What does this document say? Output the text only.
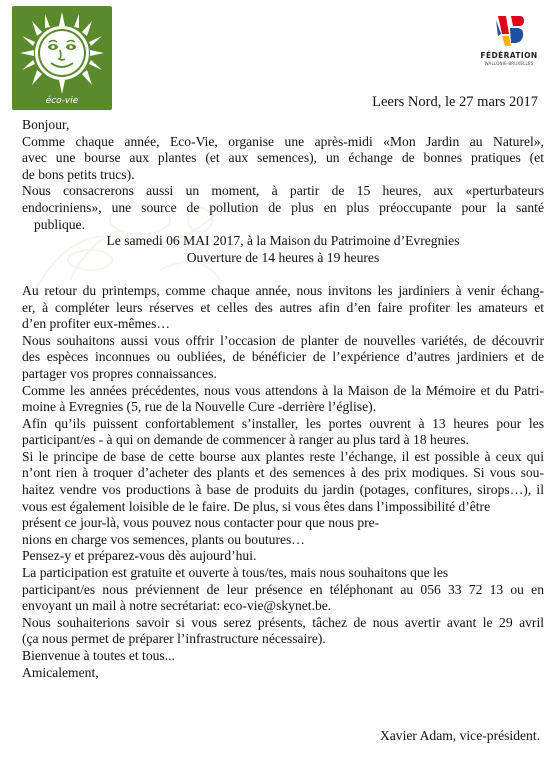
éco-vie
FÉDÉRATION
WALLONIE-BRUXELLES
Leers Nord, le 27 mars 2017

Bonjour,

Comme chaque année, Eco-Vie, organise une après-midi «Mon Jardin au Naturel»,

avec une bourse aux plantes (et aux semences), un échange de bonnes pratiques (et

de bons petits trucs).

Nous consacrerons aussi un moment, à partir de 15 heures, aux «perturbateurs

endocriniens», une source de pollution de plus en plus préoccupante pour la santé

publique.

Le samedi 06 MAI 2017, à la Maison du Patrimoine d’Evregnies

Ouverture de 14 heures à 19 heures

Au retour du printemps, comme chaque année, nous invitons les jardiniers à venir échang-

er, à compléter leurs réserves et celles des autres afin d’en faire profiter les amateurs et

d’en profiter eux-mêmes…

Nous souhaitons aussi vous offrir l’occasion de planter de nouvelles variétés, de découvrir

des espèces inconnues ou oubliées, de bénéficier de l’expérience d’autres jardiniers et de

partager vos propres connaissances.

Comme les années précédentes, nous vous attendons à la Maison de la Mémoire et du Patri-

moine à Evregnies (5, rue de la Nouvelle Cure -derrière l’église).

Afin qu’ils puissent confortablement s’installer, les portes ouvrent à 13 heures pour les

participant/es - à qui on demande de commencer à ranger au plus tard à 18 heures.

Si le principe de base de cette bourse aux plantes reste l’échange, il est possible à ceux qui

n’ont rien à troquer d’acheter des plants et des semences à des prix modiques. Si vous sou-

haitez vendre vos productions à base de produits du jardin (potages, confitures, sirops…), il

vous est également loisible de le faire. De plus, si vous êtes dans l’impossibilité d’être

présent ce jour-là, vous pouvez nous contacter pour que nous pre-

nions en charge vos semences, plants ou boutures…

Pensez-y et préparez-vous dès aujourd’hui.

La participation est gratuite et ouverte à tous/tes, mais nous souhaitons que les

participant/es nous préviennent de leur présence en téléphonant au 056 33 72 13 ou en

envoyant un mail à notre secrétariat: eco-vie@skynet.be.

Nous souhaiterions savoir si vous serez présents, tâchez de nous avertir avant le 29 avril

(ça nous permet de préparer l’infrastructure nécessaire).

Bienvenue à toutes et tous...

Amicalement,

Xavier Adam, vice-président.
